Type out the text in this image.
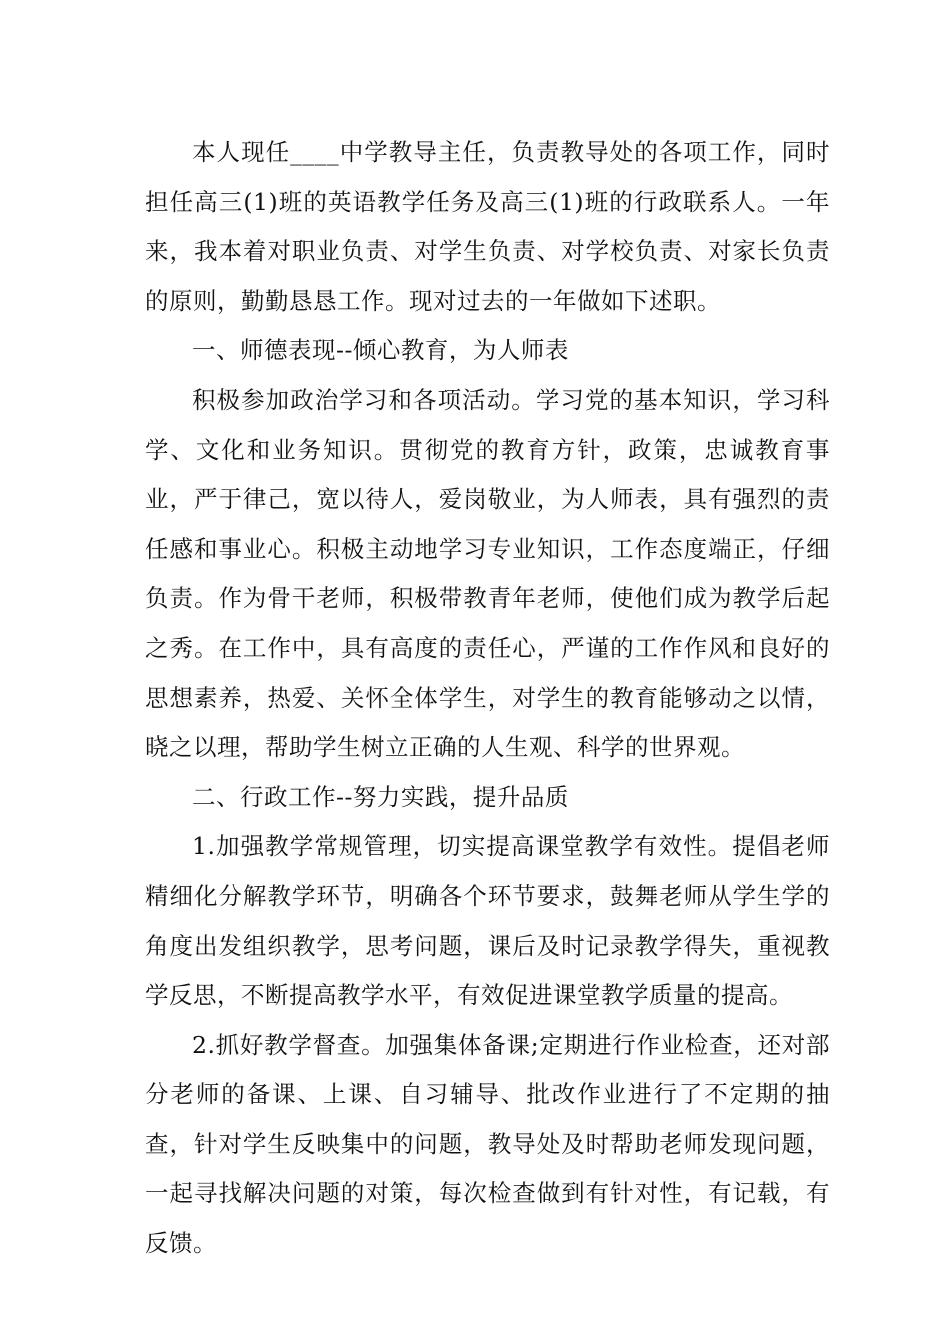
本人现任____中学教导主任，负责教导处的各项工作，同时担任高三(1)班的英语教学任务及高三(1)班的行政联系人。一年来，我本着对职业负责、对学生负责、对学校负责、对家长负责的原则，勤勤恳恳工作。现对过去的一年做如下述职。

一、师德表现--倾心教育，为人师表

积极参加政治学习和各项活动。学习党的基本知识，学习科学、文化和业务知识。贯彻党的教育方针，政策，忠诚教育事业，严于律己，宽以待人，爱岗敬业，为人师表，具有强烈的责任感和事业心。积极主动地学习专业知识，工作态度端正，仔细负责。作为骨干老师，积极带教青年老师，使他们成为教学后起之秀。在工作中，具有高度的责任心，严谨的工作作风和良好的思想素养，热爱、关怀全体学生，对学生的教育能够动之以情，晓之以理，帮助学生树立正确的人生观、科学的世界观。

二、行政工作--努力实践，提升品质

1.加强教学常规管理，切实提高课堂教学有效性。提倡老师精细化分解教学环节，明确各个环节要求，鼓舞老师从学生学的角度出发组织教学，思考问题，课后及时记录教学得失，重视教学反思，不断提高教学水平，有效促进课堂教学质量的提高。

2.抓好教学督查。加强集体备课;定期进行作业检查，还对部分老师的备课、上课、自习辅导、批改作业进行了不定期的抽查，针对学生反映集中的问题，教导处及时帮助老师发现问题，一起寻找解决问题的对策，每次检查做到有针对性，有记载，有反馈。
